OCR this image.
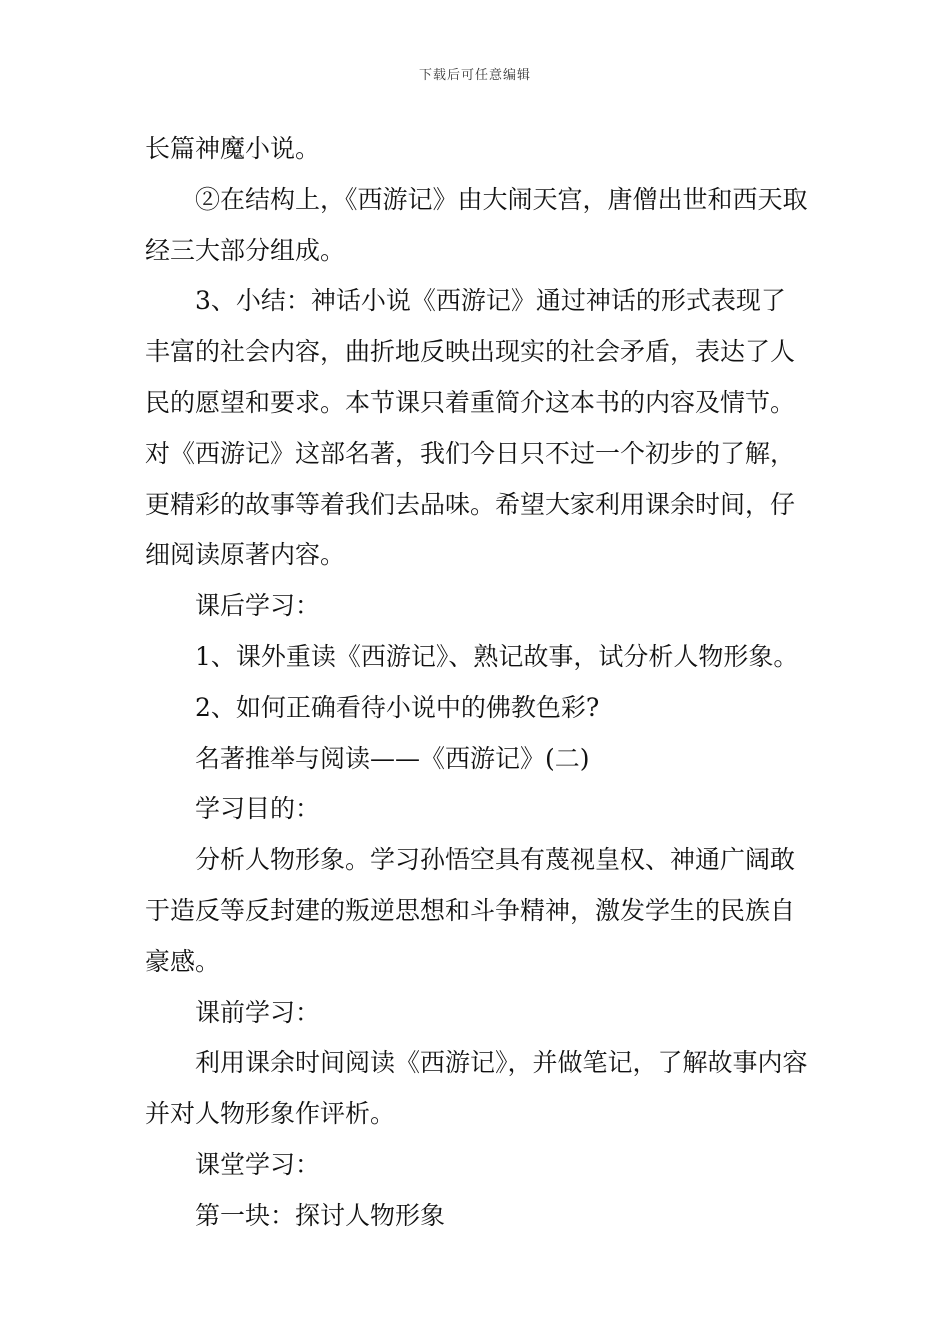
下载后可任意编辑

长篇神魔小说。

②在结构上，《西游记》由大闹天宫，唐僧出世和西天取经三大部分组成。

3、小结：神话小说《西游记》通过神话的形式表现了丰富的社会内容，曲折地反映出现实的社会矛盾，表达了人民的愿望和要求。本节课只着重简介这本书的内容及情节。对《西游记》这部名著，我们今日只不过一个初步的了解，更精彩的故事等着我们去品味。希望大家利用课余时间，仔细阅读原著内容。

课后学习：

1、课外重读《西游记》、熟记故事，试分析人物形象。

2、如何正确看待小说中的佛教色彩?

名著推举与阅读——《西游记》(二)

学习目的：

分析人物形象。学习孙悟空具有蔑视皇权、神通广阔敢于造反等反封建的叛逆思想和斗争精神，激发学生的民族自豪感。

课前学习：

利用课余时间阅读《西游记》，并做笔记，了解故事内容并对人物形象作评析。

课堂学习：

第一块：探讨人物形象
